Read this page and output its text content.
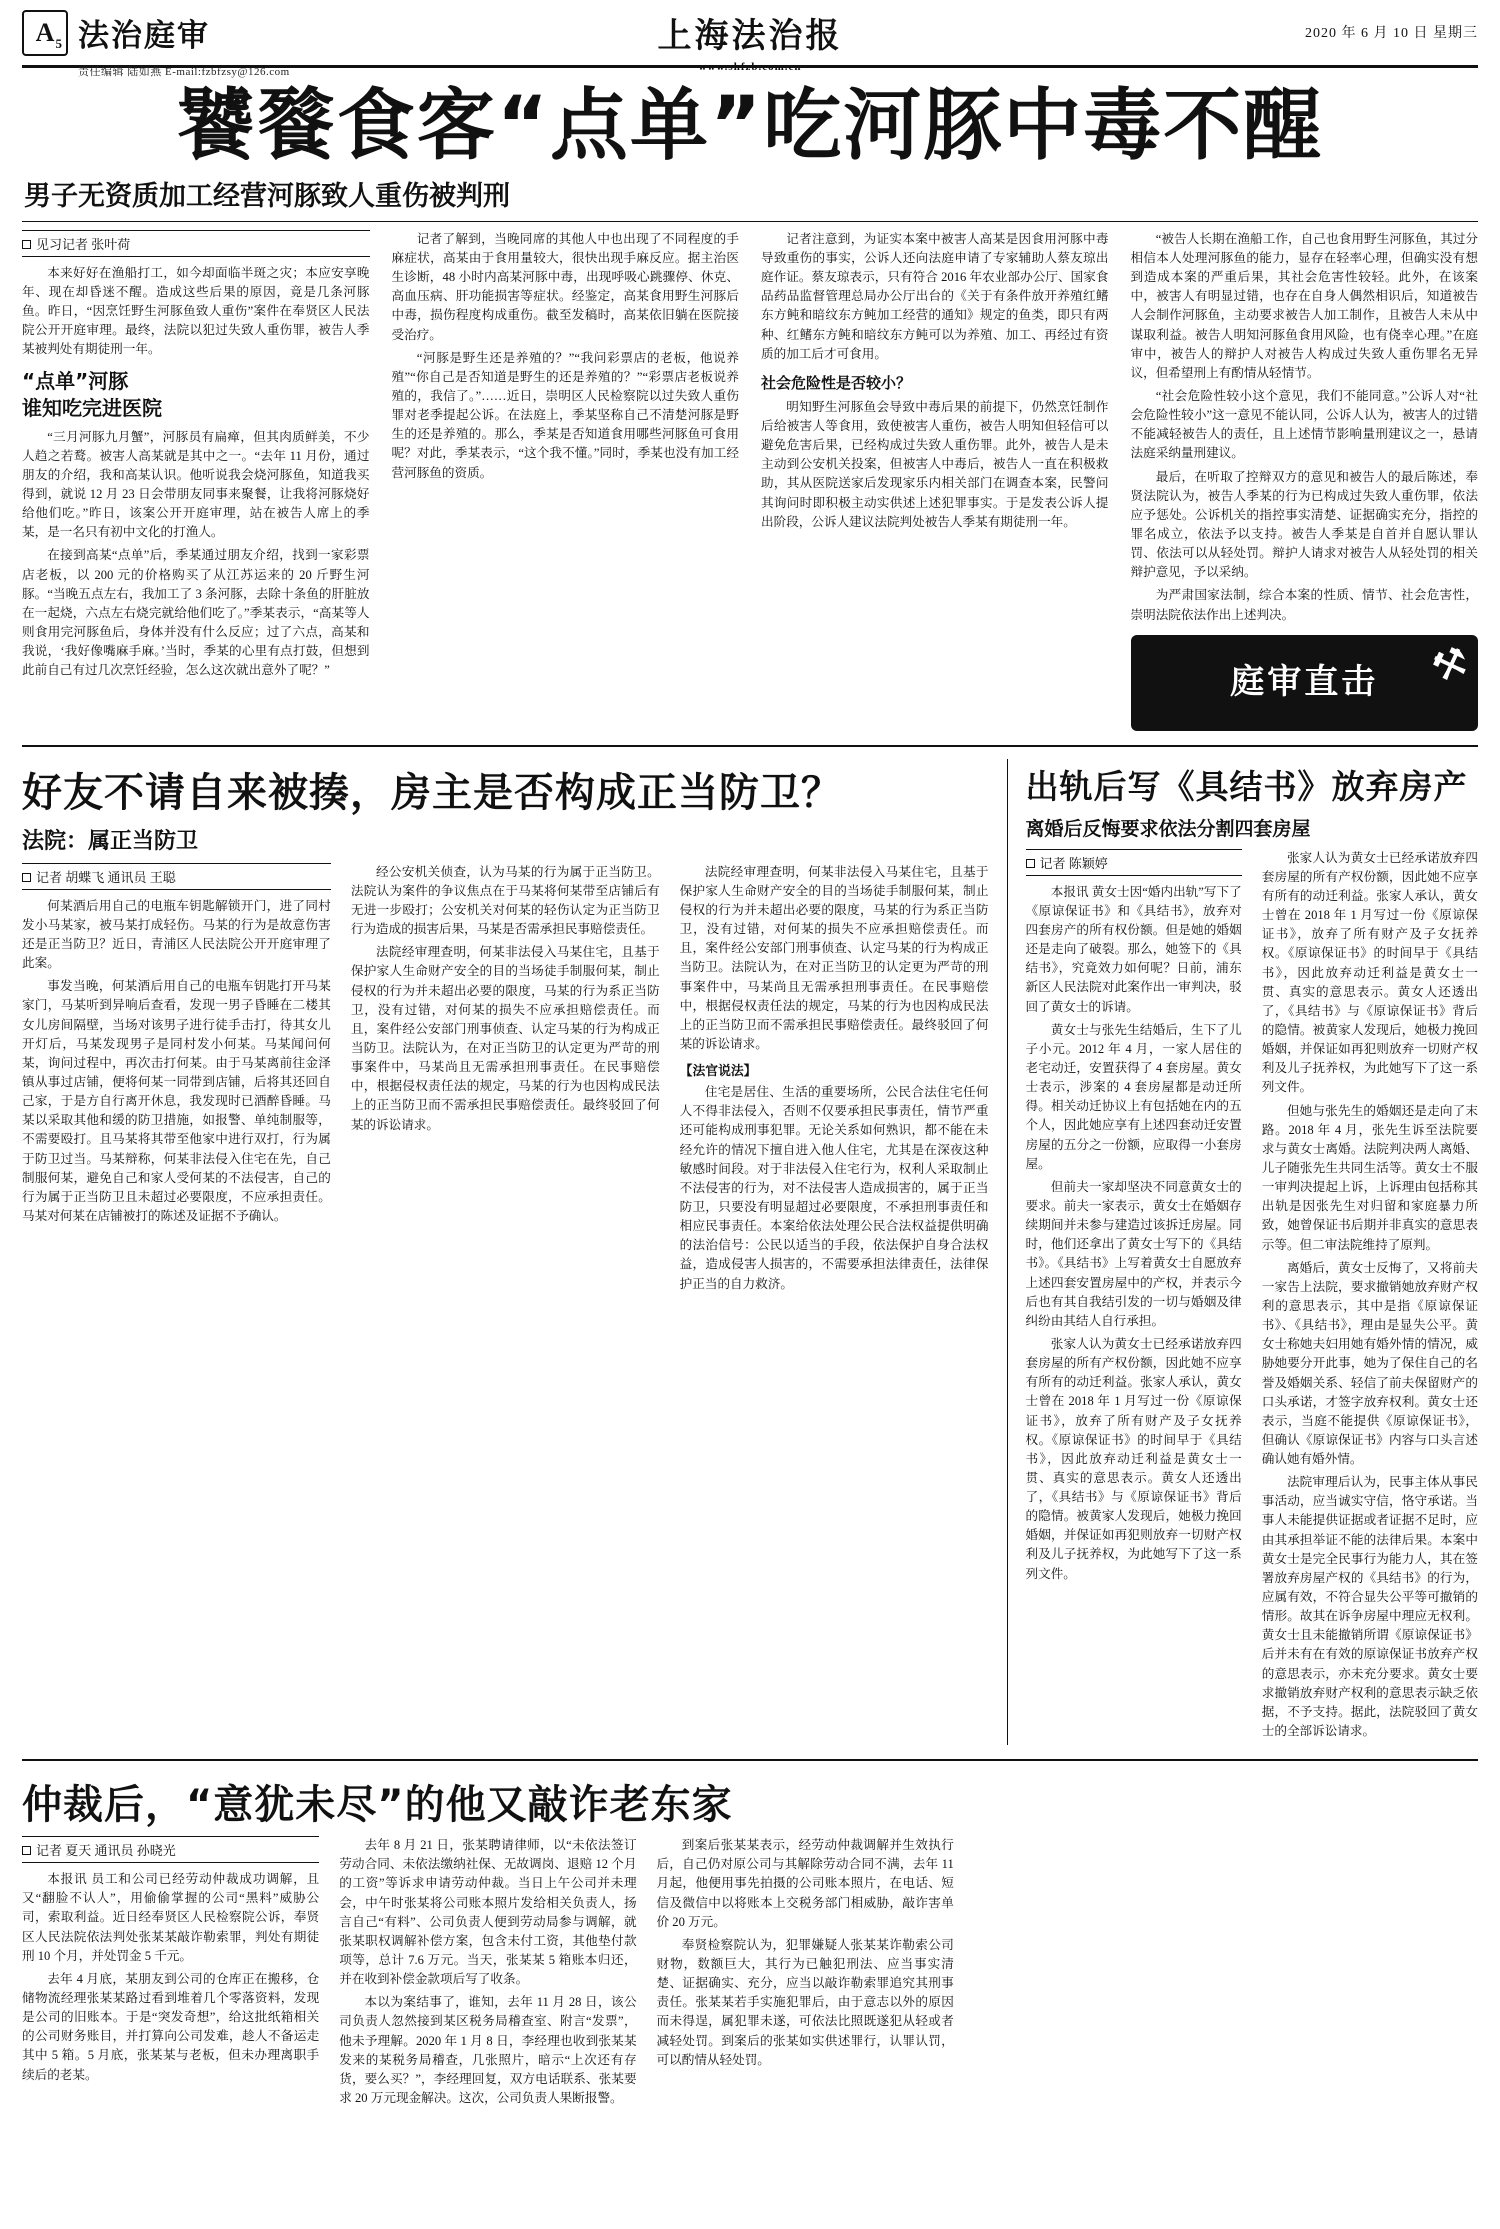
A 5 法治庭审
责任编辑 陆如燕 E-mail:fzbfzsy@126.com
上海法治报
www.shfzb.com.cn
2020 年 6 月 10 日 星期三
饕餮食客“点单”吃河豚中毒不醒
男子无资质加工经营河豚致人重伤被判刑
见习记者 张叶荷

本来好好在渔船打工，如今却面临半斑之灾；本应安享晚年、现在却昏迷不醒。造成这些后果的原因，竟是几条河豚鱼。昨日，“因烹饪野生河豚鱼致人重伤”案件在奉贤区人民法院公开开庭审理。最终，法院以犯过失致人重伤罪，被告人季某被判处有期徒刑一年。

“点单”河豚
谁知吃完进医院

“三月河豚九月蟹”，河豚员有扁瘅，但其肉质鲜美，不少人趋之若鹜。被害人高某就是其中之一。“去年 11 月份，通过朋友的介绍，我和高某认识。他听说我会烧河豚鱼，知道我买得到，就说 12 月 23 日会带朋友同事来聚餐，让我将河豚烧好给他们吃。”昨日，该案公开开庭审理，站在被告人席上的季某，是一名只有初中文化的打渔人。

在接到高某“点单”后，季某通过朋友介绍，找到一家彩票店老板，以 200 元的价格购买了从江苏运来的 20 斤野生河豚。“当晚五点左右，我加工了 3 条河豚，去除十条鱼的肝脏放在一起烧，六点左右烧完就给他们吃了。”季某表示，“高某等人则食用完河豚鱼后，身体并没有什么反应；过了六点，高某和我说，‘我好像嘴麻手麻。’当时，季某的心里有点打鼓，但想到此前自己有过几次烹饪经验，怎么这次就出意外了呢？”

记者了解到，当晚同席的其他人中也出现了不同程度的手麻症状，高某由于食用量较大，很快出现手麻反应。据主治医生诊断，48 小时内高某河豚中毒，出现呼吸心跳骤停、休克、高血压病、肝功能损害等症状。经鉴定，高某食用野生河豚后中毒，损伤程度构成重伤。截至发稿时，高某依旧躺在医院接受治疗。

“河豚是野生还是养殖的？”“我问彩票店的老板，他说养殖”“你自己是否知道是野生的还是养殖的？”“彩票店老板说养殖的，我信了。”……近日，崇明区人民检察院以过失致人重伤罪对老季提起公诉。在法庭上，季某坚称自己不清楚河豚是野生的还是养殖的。那么，季某是否知道食用哪些河豚鱼可食用呢？对此，季某表示，“这个我不懂。”同时，季某也没有加工经营河豚鱼的资质。

记者注意到，为证实本案中被害人高某是因食用河豚中毒导致重伤的事实，公诉人还向法庭申请了专家辅助人蔡友琼出庭作证。蔡友琼表示，只有符合 2016 年农业部办公厅、国家食品药品监督管理总局办公厅出台的《关于有条件放开养殖红鳍东方鲀和暗纹东方鲀加工经营的通知》规定的鱼类，即只有两种、红鳍东方鲀和暗纹东方鲀可以为养殖、加工、再经过有资质的加工后才可食用。

社会危险性是否较小？

明知野生河豚鱼会导致中毒后果的前提下，仍然烹饪制作后给被害人等食用，致使被害人重伤，被告人明知但轻信可以避免危害后果，已经构成过失致人重伤罪。此外，被告人是未主动到公安机关投案，但被害人中毒后，被告人一直在积极救助，其从医院送家后发现家乐内相关部门在调查本案，民警问其询问时即积极主动实供述上述犯罪事实。于是发表公诉人提出阶段，公诉人建议法院判处被告人季某有期徒刑一年。

“被告人长期在渔船工作，自己也食用野生河豚鱼，其过分相信本人处理河豚鱼的能力，显存在轻率心理，但确实没有想到造成本案的严重后果，其社会危害性较轻。此外，在该案中，被害人有明显过错，也存在自身人偶然相识后，知道被告人会制作河豚鱼，主动要求被告人加工制作，且被告人未从中谋取利益。被告人明知河豚鱼食用风险，也有侥幸心理。”在庭审中，被告人的辩护人对被告人构成过失致人重伤罪名无异议，但希望刑上有酌情从轻情节。

“社会危险性较小这个意见，我们不能同意。”公诉人对“社会危险性较小”这一意见不能认同，公诉人认为，被害人的过错不能减轻被告人的责任，且上述情节影响量刑建议之一，悬请法庭采纳量刑建议。

最后，在听取了控辩双方的意见和被告人的最后陈述，奉贤法院认为，被告人季某的行为已构成过失致人重伤罪，依法应予惩处。公诉机关的指控事实清楚、证据确实充分，指控的罪名成立，依法予以支持。被告人季某是自首并自愿认罪认罚、依法可以从轻处罚。辩护人请求对被告人从轻处罚的相关辩护意见，予以采纳。

为严肃国家法制，综合本案的性质、情节、社会危害性，崇明法院依法作出上述判决。

庭审直击 ⚒
好友不请自来被揍，房主是否构成正当防卫？
法院：属正当防卫
记者 胡蝶飞 通讯员 王聪

何某酒后用自己的电瓶车钥匙解锁开门，进了同村发小马某家，被马某打成轻伤。马某的行为是故意伤害还是正当防卫？近日，青浦区人民法院公开开庭审理了此案。

事发当晚，何某酒后用自己的电瓶车钥匙打开马某家门，马某听到异响后查看，发现一男子昏睡在二楼其女儿房间隔壁，当场对该男子进行徒手击打，待其女儿开灯后，马某发现男子是同村发小何某。马某闻问何某，询问过程中，再次击打何某。由于马某离前往金泽镇从事过店铺，便将何某一同带到店铺，后将其还回自己家，于是方自行离开休息，我发现时已酒醉昏睡。马某以采取其他和缓的防卫措施，如报警、单纯制服等，不需要殴打。且马某将其带至他家中进行双打，行为属于防卫过当。马某辩称，何某非法侵入住宅在先，自己制服何某，避免自己和家人受何某的不法侵害，自己的行为属于正当防卫且未超过必要限度，不应承担责任。马某对何某在店铺被打的陈述及证据不予确认。

经公安机关侦查，认为马某的行为属于正当防卫。法院认为案件的争议焦点在于马某将何某带至店铺后有无进一步殴打；公安机关对何某的轻伤认定为正当防卫行为造成的损害后果，马某是否需承担民事赔偿责任。

法院经审理查明，何某非法侵入马某住宅，且基于保护家人生命财产安全的目的当场徒手制服何某，制止侵权的行为并未超出必要的限度，马某的行为系正当防卫，没有过错，对何某的损失不应承担赔偿责任。而且，案件经公安部门刑事侦查、认定马某的行为构成正当防卫。法院认为，在对正当防卫的认定更为严苛的刑事案件中，马某尚且无需承担刑事责任。在民事赔偿中，根据侵权责任法的规定，马某的行为也因构成民法上的正当防卫而不需承担民事赔偿责任。最终驳回了何某的诉讼请求。

法院经审理查明，何某非法侵入马某住宅，且基于保护家人生命财产安全的目的当场徒手制服何某，制止侵权的行为并未超出必要的限度，马某的行为系正当防卫，没有过错，对何某的损失不应承担赔偿责任。而且，案件经公安部门刑事侦查、认定马某的行为构成正当防卫。法院认为，在对正当防卫的认定更为严苛的刑事案件中，马某尚且无需承担刑事责任。在民事赔偿中，根据侵权责任法的规定，马某的行为也因构成民法上的正当防卫而不需承担民事赔偿责任。最终驳回了何某的诉讼请求。

【法官说法】

住宅是居住、生活的重要场所，公民合法住宅任何人不得非法侵入，否则不仅要承担民事责任，情节严重还可能构成刑事犯罪。无论关系如何熟识，都不能在未经允许的情况下擅自进入他人住宅，尤其是在深夜这种敏感时间段。对于非法侵入住宅行为，权利人采取制止不法侵害的行为，对不法侵害人造成损害的，属于正当防卫，只要没有明显超过必要限度，不承担刑事责任和相应民事责任。本案给依法处理公民合法权益提供明确的法治信号：公民以适当的手段，依法保护自身合法权益，造成侵害人损害的，不需要承担法律责任，法律保护正当的自力救济。

出轨后写《具结书》放弃房产
离婚后反悔要求依法分割四套房屋
记者 陈颖婷

本报讯 黄女士因“婚内出轨”写下了《原谅保证书》和《具结书》，放弃对四套房产的所有权份额。但是她的婚姻还是走向了破裂。那么，她签下的《具结书》，究竟效力如何呢？日前，浦东新区人民法院对此案作出一审判决，驳回了黄女士的诉请。

黄女士与张先生结婚后，生下了儿子小元。2012 年 4 月，一家人居住的老宅动迁，安置获得了 4 套房屋。黄女士表示，涉案的 4 套房屋都是动迁所得。相关动迁协议上有包括她在内的五个人，因此她应享有上述四套动迁安置房屋的五分之一份额，应取得一小套房屋。

但前夫一家却坚决不同意黄女士的要求。前夫一家表示，黄女士在婚姻存续期间并未参与建造过该拆迁房屋。同时，他们还拿出了黄女士写下的《具结书》。《具结书》上写着黄女士自愿放弃上述四套安置房屋中的产权，并表示今后也有其自我结引发的一切与婚姻及律纠纷由其结人自行承担。

张家人认为黄女士已经承诺放弃四套房屋的所有产权份额，因此她不应享有所有的动迁利益。张家人承认，黄女士曾在 2018 年 1 月写过一份《原谅保证书》，放弃了所有财产及子女抚养权。《原谅保证书》的时间早于《具结书》，因此放弃动迁利益是黄女士一贯、真实的意思表示。黄女人还透出了，《具结书》与《原谅保证书》背后的隐情。被黄家人发现后，她极力挽回婚姻，并保证如再犯则放弃一切财产权利及儿子抚养权，为此她写下了这一系列文件。

张家人认为黄女士已经承诺放弃四套房屋的所有产权份额，因此她不应享有所有的动迁利益。张家人承认，黄女士曾在 2018 年 1 月写过一份《原谅保证书》，放弃了所有财产及子女抚养权。《原谅保证书》的时间早于《具结书》，因此放弃动迁利益是黄女士一贯、真实的意思表示。黄女人还透出了，《具结书》与《原谅保证书》背后的隐情。被黄家人发现后，她极力挽回婚姻，并保证如再犯则放弃一切财产权利及儿子抚养权，为此她写下了这一系列文件。

但她与张先生的婚姻还是走向了末路。2018 年 4 月，张先生诉至法院要求与黄女士离婚。法院判决两人离婚、儿子随张先生共同生活等。黄女士不服一审判决提起上诉，上诉理由包括称其出轨是因张先生对归留和家庭暴力所致，她曾保证书后期并非真实的意思表示等。但二审法院维持了原判。

离婚后，黄女士反悔了，又将前夫一家告上法院，要求撤销她放弃财产权利的意思表示，其中是指《原谅保证书》、《具结书》，理由是显失公平。黄女士称她夫妇用她有婚外情的情况，威胁她要分开此事，她为了保住自己的名誉及婚姻关系、轻信了前夫保留财产的口头承诺，才签字放弃权利。黄女士还表示，当庭不能提供《原谅保证书》，但确认《原谅保证书》内容与口头言述确认她有婚外情。

法院审理后认为，民事主体从事民事活动，应当诚实守信，恪守承诺。当事人未能提供证据或者证据不足时，应由其承担举证不能的法律后果。本案中黄女士是完全民事行为能力人，其在签署放弃房屋产权的《具结书》的行为，应属有效，不符合显失公平等可撤销的情形。故其在诉争房屋中理应无权利。黄女士且未能撤销所谓《原谅保证书》后并未有在有效的原谅保证书放弃产权的意思表示，亦未充分要求。黄女士要求撤销放弃财产权利的意思表示缺乏依据，不予支持。据此，法院驳回了黄女士的全部诉讼请求。

仲裁后，“意犹未尽”的他又敲诈老东家
记者 夏天 通讯员 孙晓光

本报讯 员工和公司已经劳动仲裁成功调解，且又“翻脸不认人”，用偷偷掌握的公司“黑料”威胁公司，索取利益。近日经奉贤区人民检察院公诉，奉贤区人民法院依法判处张某某敲诈勒索罪，判处有期徒刑 10 个月，并处罚金 5 千元。

去年 4 月底，某朋友到公司的仓库正在搬移，仓储物流经理张某某路过看到堆着几个零落资料，发现是公司的旧账本。于是“突发奇想”，给这批纸箱相关的公司财务账目，并打算向公司发难，趁人不备运走其中 5 箱。5 月底，张某某与老板，但未办理离职手续后的老某。

去年 8 月 21 日，张某聘请律师，以“未依法签订劳动合同、未依法缴纳社保、无故调岗、退赔 12 个月的工资”等诉求申请劳动仲裁。当日上午公司并未理会，中午时张某将公司账本照片发给相关负责人，扬言自己“有料”、公司负责人便到劳动局参与调解，就张某职权调解补偿方案，包含未付工资，其他垫付款项等，总计 7.6 万元。当天，张某某 5 箱账本归还，并在收到补偿金款项后写了收条。

本以为案结事了，谁知，去年 11 月 28 日，该公司负责人忽然接到某区税务局稽查室、附言“发票”，他未予理解。2020 年 1 月 8 日，李经理也收到张某某发来的某税务局稽查，几张照片，暗示“上次还有存货，要么买？”，李经理回复，双方电话联系、张某要求 20 万元现金解决。这次，公司负责人果断报警。

到案后张某某表示，经劳动仲裁调解并生效执行后，自己仍对原公司与其解除劳动合同不满，去年 11 月起，他便用事先拍摄的公司账本照片，在电话、短信及微信中以将账本上交税务部门相威胁，敲诈害单价 20 万元。

奉贤检察院认为，犯罪嫌疑人张某某诈勒索公司财物，数额巨大，其行为已触犯刑法、应当事实清楚、证据确实、充分，应当以敲诈勒索罪追究其刑事责任。张某某若手实施犯罪后，由于意志以外的原因而未得逞，属犯罪未遂，可依法比照既遂犯从轻或者减轻处罚。到案后的张某如实供述罪行，认罪认罚，可以酌情从轻处罚。
